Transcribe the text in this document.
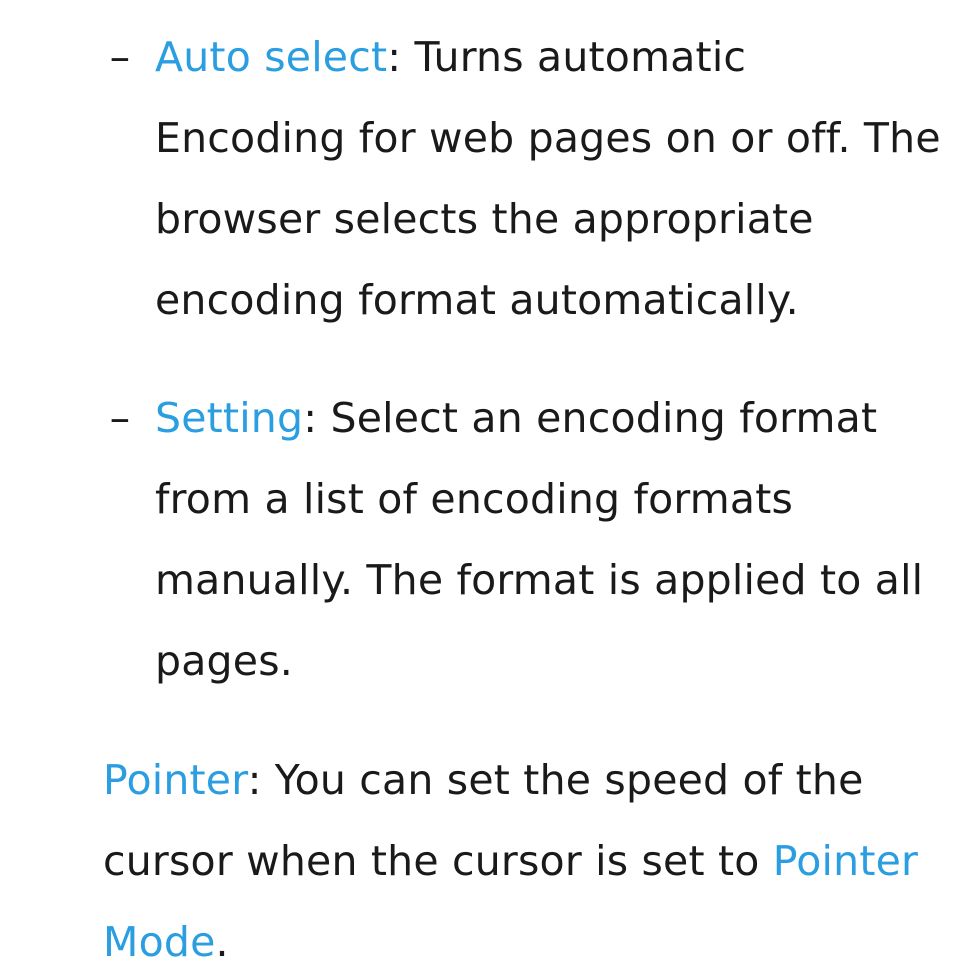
– Auto select: Turns automatic Encoding for web pages on or off. The browser selects the appropriate encoding format automatically.
– Setting: Select an encoding format from a list of encoding formats manually. The format is applied to all pages.
Pointer: You can set the speed of the cursor when the cursor is set to Pointer Mode.
